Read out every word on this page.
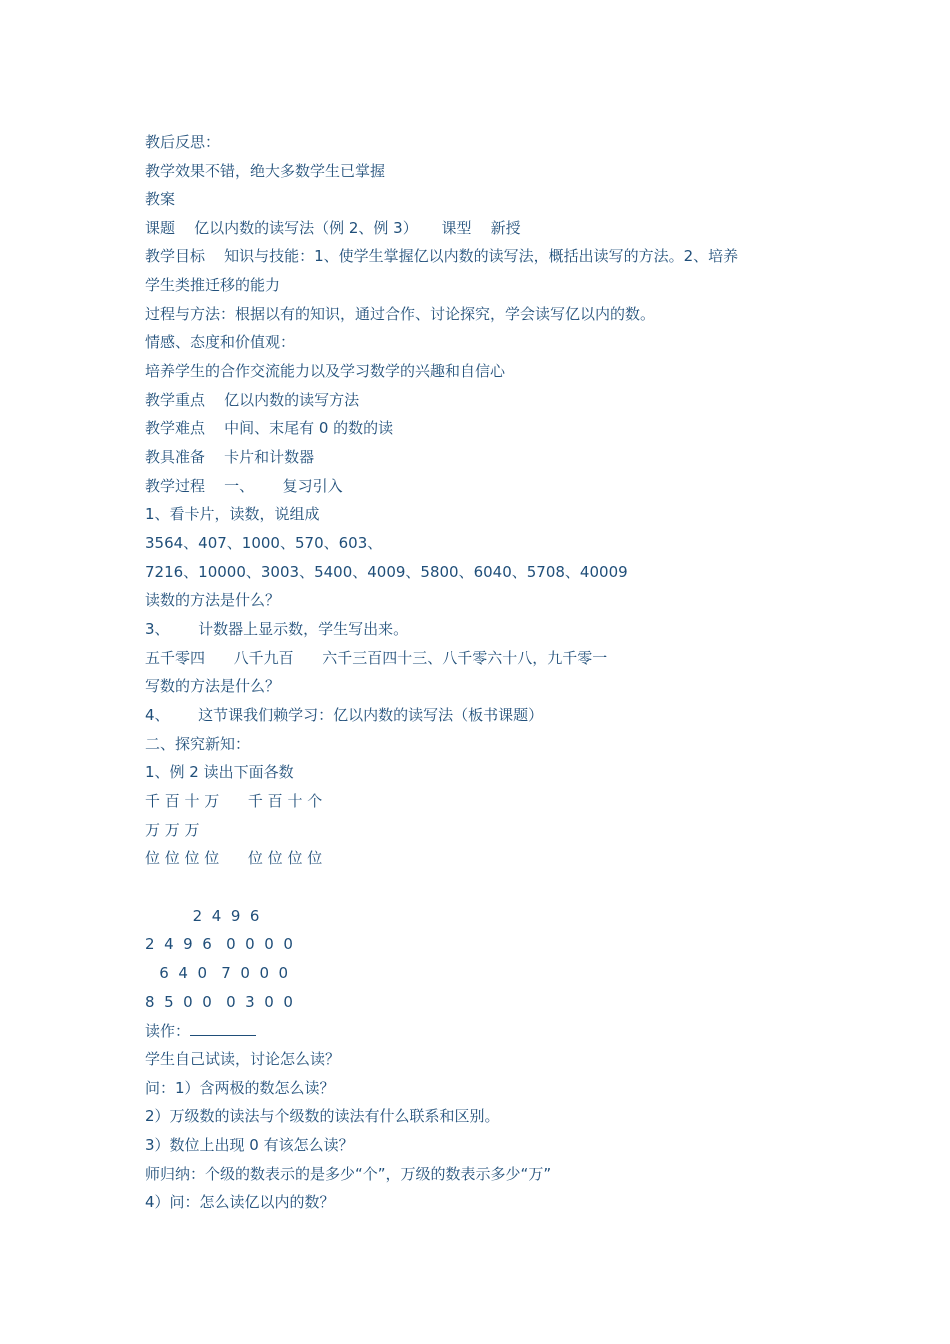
教后反思：
教学效果不错，绝大多数学生已掌握
教案
课题    亿以内数的读写法（例 2、例 3）     课型    新授
教学目标    知识与技能：1、使学生掌握亿以内数的读写法，概括出读写的方法。2、培养
学生类推迁移的能力
过程与方法：根据以有的知识，通过合作、讨论探究，学会读写亿以内的数。
情感、态度和价值观：
培养学生的合作交流能力以及学习数学的兴趣和自信心
教学重点    亿以内数的读写方法
教学难点    中间、末尾有 0 的数的读
教具准备    卡片和计数器
教学过程    一、      复习引入
1、看卡片，读数，说组成
3564、407、1000、570、603、
7216、10000、3003、5400、4009、5800、6040、5708、40009
读数的方法是什么？
3、      计数器上显示数，学生写出来。
五千零四      八千九百      六千三百四十三、八千零六十八，九千零一
写数的方法是什么？
4、      这节课我们赖学习：亿以内数的读写法（板书课题）
二、探究新知：
1、例 2 读出下面各数
千 百 十 万      千 百 十 个
万 万 万
位 位 位 位      位 位 位 位
2  4  9  6
2  4  9  6   0  0  0  0
6  4  0   7  0  0  0
8  5  0  0   0  3  0  0
读作：
学生自己试读，讨论怎么读？
问：1）含两极的数怎么读？
2）万级数的读法与个级数的读法有什么联系和区别。
3）数位上出现 0 有该怎么读？
师归纳：个级的数表示的是多少“个”，万级的数表示多少“万”
4）问：怎么读亿以内的数？
